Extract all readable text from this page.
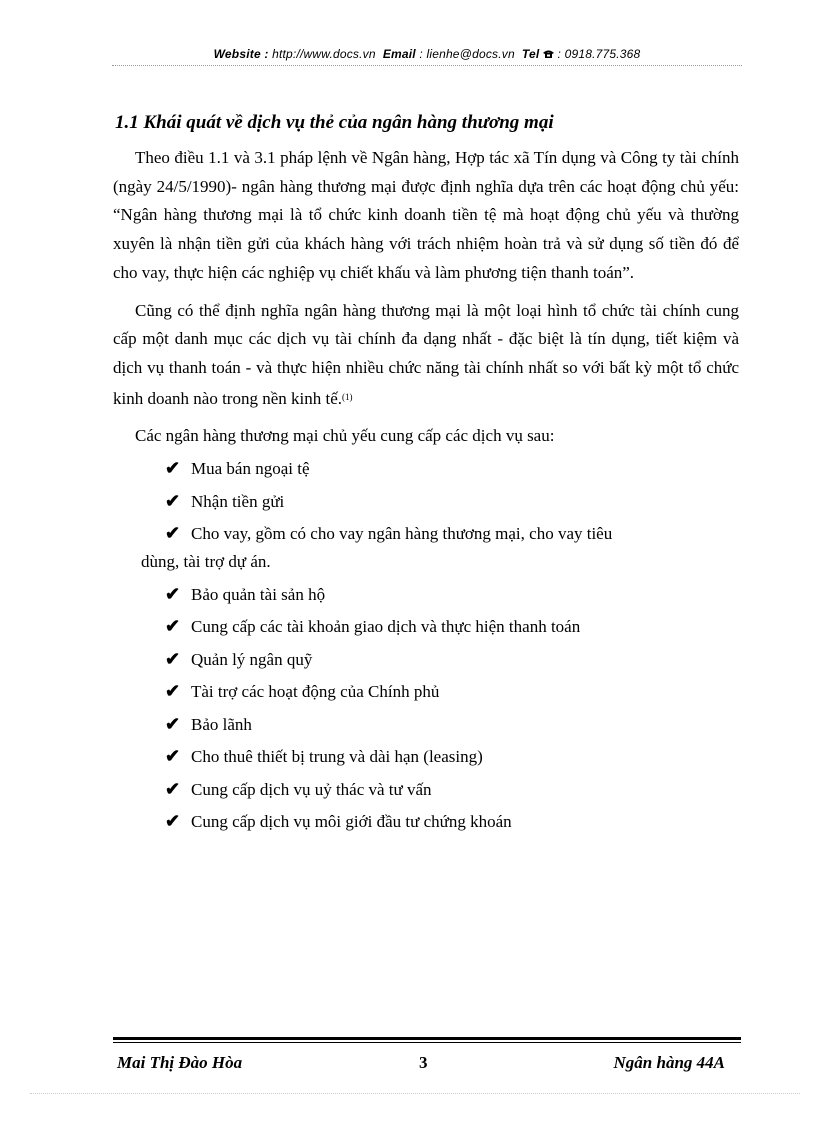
Website : http://www.docs.vn Email : lienhe@docs.vn Tel : 0918.775.368
1.1 Khái quát về dịch vụ thẻ của ngân hàng thương mại

Theo điều 1.1 và 3.1 pháp lệnh về Ngân hàng, Hợp tác xã Tín dụng và Công ty tài chính (ngày 24/5/1990)- ngân hàng thương mại được định nghĩa dựa trên các hoạt động chủ yếu: “Ngân hàng thương mại là tổ chức kinh doanh tiền tệ mà hoạt động chủ yếu và thường xuyên là nhận tiền gửi của khách hàng với trách nhiệm hoàn trả và sử dụng số tiền đó để cho vay, thực hiện các nghiệp vụ chiết khấu và làm phương tiện thanh toán”.

Cũng có thể định nghĩa ngân hàng thương mại là một loại hình tổ chức tài chính cung cấp một danh mục các dịch vụ tài chính đa dạng nhất - đặc biệt là tín dụng, tiết kiệm và dịch vụ thanh toán - và thực hiện nhiều chức năng tài chính nhất so với bất kỳ một tổ chức kinh doanh nào trong nền kinh tế.$^{(1)}$

Các ngân hàng thương mại chủ yếu cung cấp các dịch vụ sau:

✔ Mua bán ngoại tệ
✔ Nhận tiền gửi
✔ Cho vay, gồm có cho vay ngân hàng thương mại, cho vay tiêu
dùng, tài trợ dự án.
✔ Bảo quản tài sản hộ
✔ Cung cấp các tài khoản giao dịch và thực hiện thanh toán
✔ Quản lý ngân quỹ
✔ Tài trợ các hoạt động của Chính phủ
✔ Bảo lãnh
✔ Cho thuê thiết bị trung và dài hạn (leasing)
✔ Cung cấp dịch vụ uỷ thác và tư vấn
✔ Cung cấp dịch vụ môi giới đầu tư chứng khoán
Mai Thị Đào Hòa	3	Ngân hàng 44A
